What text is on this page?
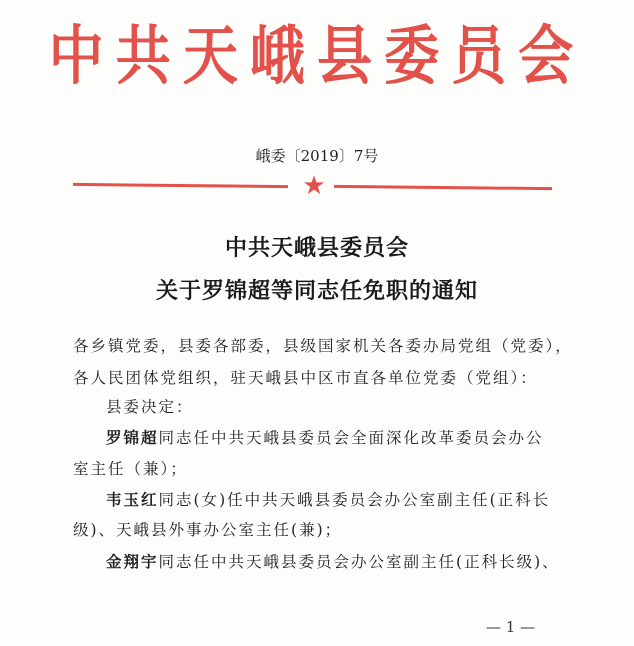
中共天峨县委员会
峨委〔2019〕7号
★
中共天峨县委员会
关于罗锦超等同志任免职的通知
各乡镇党委，县委各部委，县级国家机关各委办局党组（党委），
各人民团体党组织，驻天峨县中区市直各单位党委（党组）：
县委决定：
罗锦超同志任中共天峨县委员会全面深化改革委员会办公
室主任（兼）；
韦玉红同志(女)任中共天峨县委员会办公室副主任(正科长
级)、天峨县外事办公室主任(兼)；
金翔宇同志任中共天峨县委员会办公室副主任(正科长级)、
— 1 —
